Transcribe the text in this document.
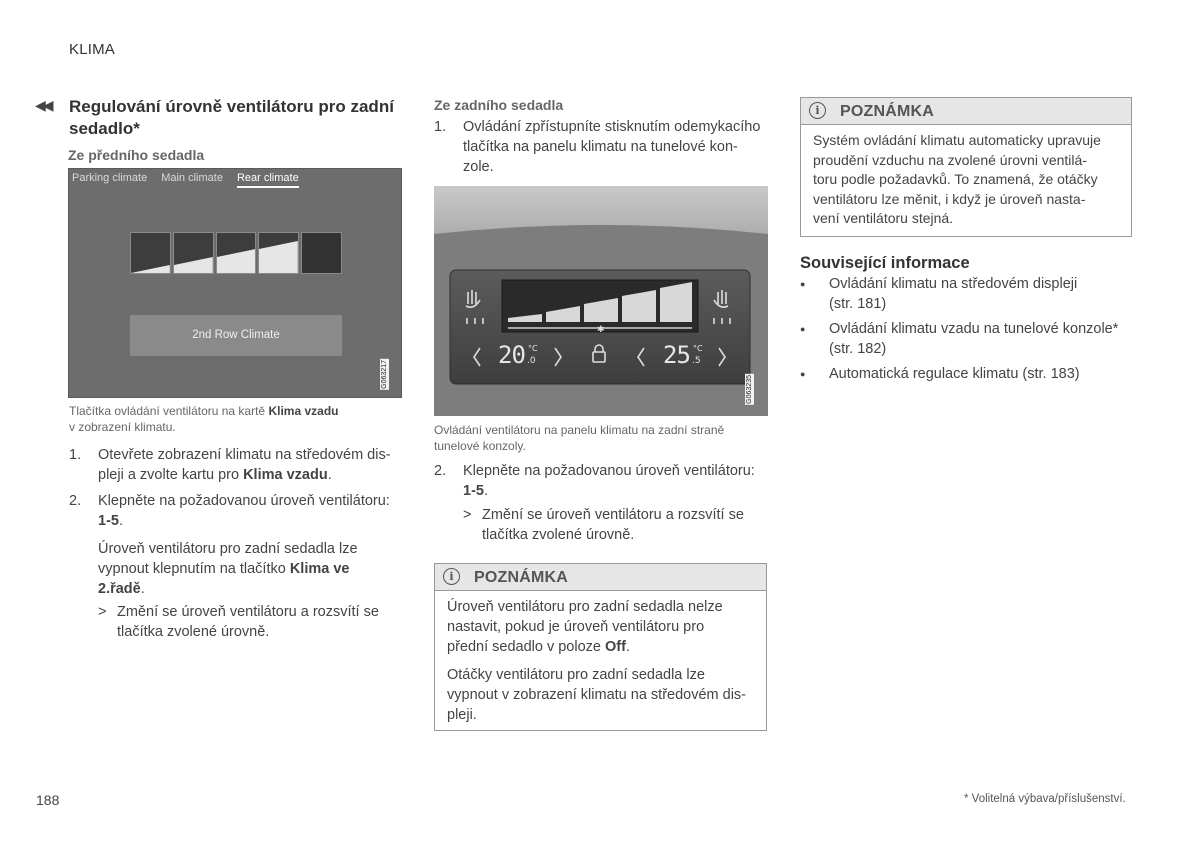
KLIMA
◀◀ Regulování úrovně ventilátoru pro zadní sedadlo*
Ze předního sedadla
Parking climate Main climate Rear climate
2nd Row Climate
G063217
Tlačítka ovládání ventilátoru na kartě Klima vzadu
v zobrazení klimatu.
1. Otevřete zobrazení klimatu na středovém dis-
pleji a zvolte kartu pro Klima vzadu.
2. Klepněte na požadovanou úroveň ventilátoru:
1-5.
Úroveň ventilátoru pro zadní sedadla lze
vypnout klepnutím na tlačítko Klima ve
2.řadě.
> Změní se úroveň ventilátoru a rozsvítí se
tlačítka zvolené úrovně.
Ze zadního sedadla
1. Ovládání zpřístupníte stisknutím odemykacího
tlačítka na panelu klimatu na tunelové kon-
zole.
✱
20 °C
.0	25 °C
.5
G063235
Ovládání ventilátoru na panelu klimatu na zadní straně
tunelové konzoly.
2. Klepněte na požadovanou úroveň ventilátoru:
1-5.
> Změní se úroveň ventilátoru a rozsvítí se
tlačítka zvolené úrovně.
i	POZNÁMKA
Úroveň ventilátoru pro zadní sedadla nelze
nastavit, pokud je úroveň ventilátoru pro
přední sedadlo v poloze Off.
Otáčky ventilátoru pro zadní sedadla lze
vypnout v zobrazení klimatu na středovém dis-
pleji.
i	POZNÁMKA
Systém ovládání klimatu automaticky upravuje
proudění vzduchu na zvolené úrovni ventilá-
toru podle požadavků. To znamená, že otáčky
ventilátoru lze měnit, i když je úroveň nasta-
vení ventilátoru stejná.
Související informace
● Ovládání klimatu na středovém displeji
(str. 181)
● Ovládání klimatu vzadu na tunelové konzole*
(str. 182)
● Automatická regulace klimatu (str. 183)
188	* Volitelná výbava/příslušenství.
